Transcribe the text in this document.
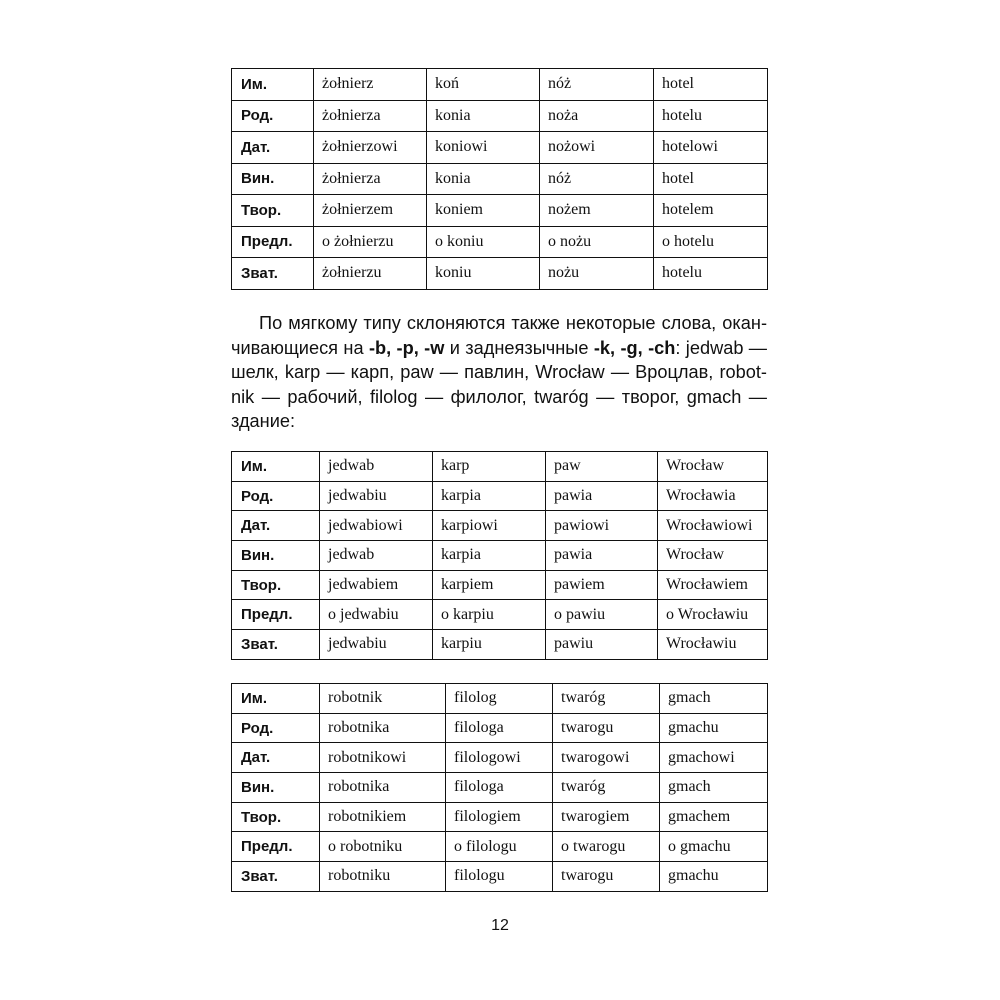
Им.	żołnierz	koń	nóż	hotel
Род.	żołnierza	konia	noża	hotelu
Дат.	żołnierzowi	koniowi	nożowi	hotelowi
Вин.	żołnierza	konia	nóż	hotel
Твор.	żołnierzem	koniem	nożem	hotelem
Предл.	o żołnierzu	o koniu	o nożu	o hotelu
Зват.	żołnierzu	koniu	nożu	hotelu
По мягкому типу склоняются также некоторые слова, окан-
чивающиеся на -b, -p, -w и заднеязычные -k, -g, -ch: jedwab —
шелк, karp — карп, paw — павлин, Wrocław — Вроцлав, robot-
nik — рабочий, filolog — филолог, twaróg — творог, gmach —
здание:
Им.	jedwab	karp	paw	Wrocław
Род.	jedwabiu	karpia	pawia	Wrocławia
Дат.	jedwabiowi	karpiowi	pawiowi	Wrocławiowi
Вин.	jedwab	karpia	pawia	Wrocław
Твор.	jedwabiem	karpiem	pawiem	Wrocławiem
Предл.	o jedwabiu	o karpiu	o pawiu	o Wrocławiu
Зват.	jedwabiu	karpiu	pawiu	Wrocławiu
Им.	robotnik	filolog	twaróg	gmach
Род.	robotnika	filologa	twarogu	gmachu
Дат.	robotnikowi	filologowi	twarogowi	gmachowi
Вин.	robotnika	filologa	twaróg	gmach
Твор.	robotnikiem	filologiem	twarogiem	gmachem
Предл.	o robotniku	o filologu	o twarogu	o gmachu
Зват.	robotniku	filologu	twarogu	gmachu
12
